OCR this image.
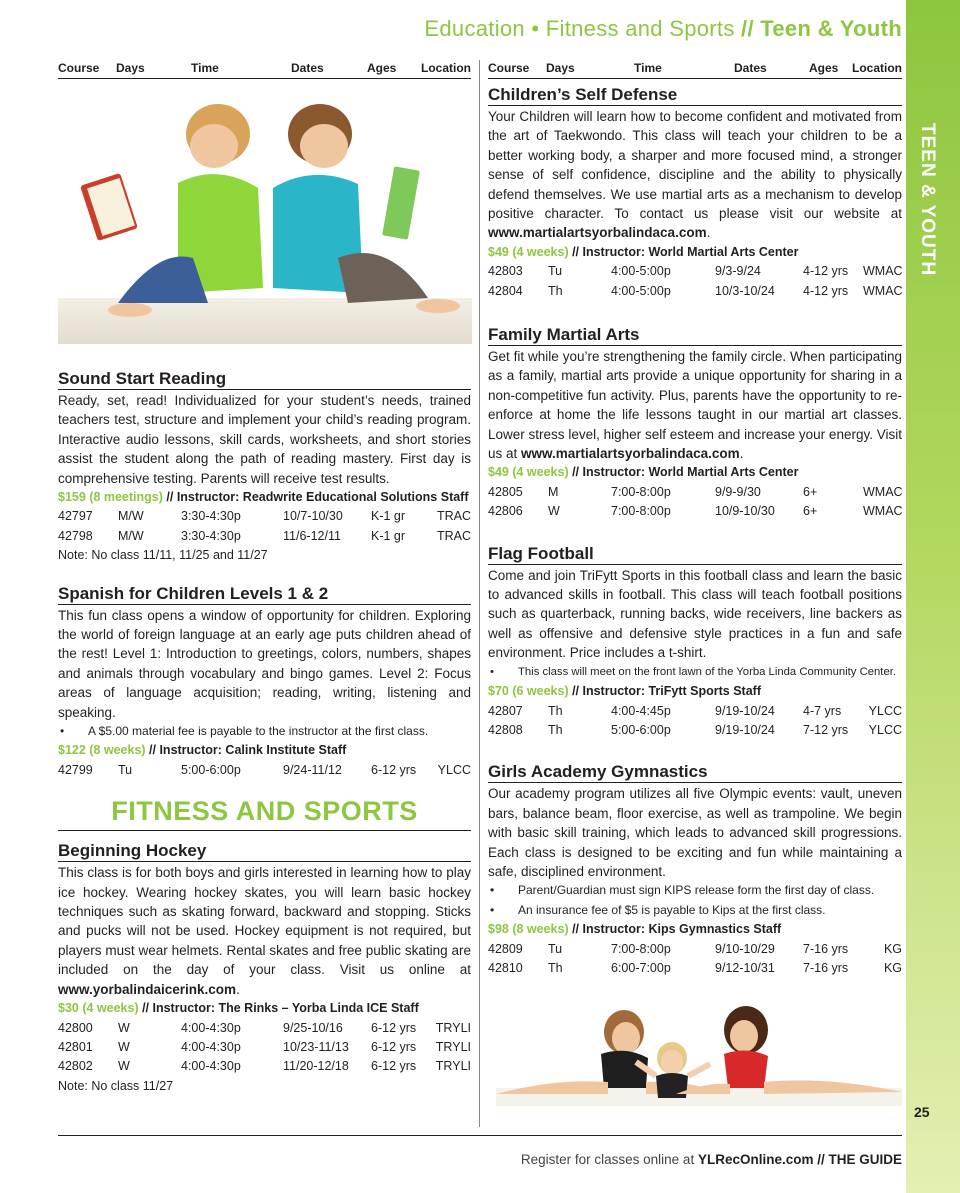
TEEN & YOUTH
25
Education • Fitness and Sports // Teen & Youth
Course	Days	Time	Dates	Ages	Location
Sound Start Reading
Ready, set, read! Individualized for your student’s needs, trained teachers test, structure and implement your child’s reading program. Interactive audio lessons, skill cards, worksheets, and short stories assist the student along the path of reading mastery. First day is comprehensive testing. Parents will receive test results.
$159 (8 meetings) // Instructor: Readwrite Educational Solutions Staff
42797	M/W	3:30-4:30p	10/7-10/30	K-1 gr	TRAC
42798	M/W	3:30-4:30p	11/6-12/11	K-1 gr	TRAC
Note: No class 11/11, 11/25 and 11/27
Spanish for Children Levels 1 & 2
This fun class opens a window of opportunity for children. Exploring the world of foreign language at an early age puts children ahead of the rest! Level 1: Introduction to greetings, colors, numbers, shapes and animals through vocabulary and bingo games. Level 2: Focus areas of language acquisition; reading, writing, listening and speaking.
• A $5.00 material fee is payable to the instructor at the first class.
$122 (8 weeks) // Instructor: Calink Institute Staff
42799	Tu	5:00-6:00p	9/24-11/12	6-12 yrs	YLCC
FITNESS AND SPORTS
Beginning Hockey
This class is for both boys and girls interested in learning how to play ice hockey. Wearing hockey skates, you will learn basic hockey techniques such as skating forward, backward and stopping. Sticks and pucks will not be used. Hockey equipment is not required, but players must wear helmets. Rental skates and free public skating are included on the day of your class. Visit us online at www.yorbalindaicerink.com.
$30 (4 weeks) // Instructor: The Rinks – Yorba Linda ICE Staff
42800	W	4:00-4:30p	9/25-10/16	6-12 yrs	TRYLI
42801	W	4:00-4:30p	10/23-11/13	6-12 yrs	TRYLI
42802	W	4:00-4:30p	11/20-12/18	6-12 yrs	TRYLI
Note: No class 11/27
Course	Days	Time	Dates	Ages	Location
Children’s Self Defense
Your Children will learn how to become confident and motivated from the art of Taekwondo. This class will teach your children to be a better working body, a sharper and more focused mind, a stronger sense of self confidence, discipline and the ability to physically defend themselves. We use martial arts as a mechanism to develop positive character. To contact us please visit our website at www.martialartsyorbalindaca.com.
$49 (4 weeks) // Instructor: World Martial Arts Center
42803	Tu	4:00-5:00p	9/3-9/24	4-12 yrs	WMAC
42804	Th	4:00-5:00p	10/3-10/24	4-12 yrs	WMAC
Family Martial Arts
Get fit while you’re strengthening the family circle. When participating as a family, martial arts provide a unique opportunity for sharing in a non-competitive fun activity. Plus, parents have the opportunity to re-enforce at home the life lessons taught in our martial art classes. Lower stress level, higher self esteem and increase your energy. Visit us at www.martialartsyorbalindaca.com.
$49 (4 weeks) // Instructor: World Martial Arts Center
42805	M	7:00-8:00p	9/9-9/30	6+	WMAC
42806	W	7:00-8:00p	10/9-10/30	6+	WMAC
Flag Football
Come and join TriFytt Sports in this football class and learn the basic to advanced skills in football. This class will teach football positions such as quarterback, running backs, wide receivers, line backers as well as offensive and defensive style practices in a fun and safe environment. Price includes a t-shirt.
• This class will meet on the front lawn of the Yorba Linda Community Center.
$70 (6 weeks) // Instructor: TriFytt Sports Staff
42807	Th	4:00-4:45p	9/19-10/24	4-7 yrs	YLCC
42808	Th	5:00-6:00p	9/19-10/24	7-12 yrs	YLCC
Girls Academy Gymnastics
Our academy program utilizes all five Olympic events: vault, uneven bars, balance beam, floor exercise, as well as trampoline. We begin with basic skill training, which leads to advanced skill progressions. Each class is designed to be exciting and fun while maintaining a safe, disciplined environment.
• Parent/Guardian must sign KIPS release form the first day of class.
• An insurance fee of $5 is payable to Kips at the first class.
$98 (8 weeks) // Instructor: Kips Gymnastics Staff
42809	Tu	7:00-8:00p	9/10-10/29	7-16 yrs	KG
42810	Th	6:00-7:00p	9/12-10/31	7-16 yrs	KG
Register for classes online at YLRecOnline.com // THE GUIDE
